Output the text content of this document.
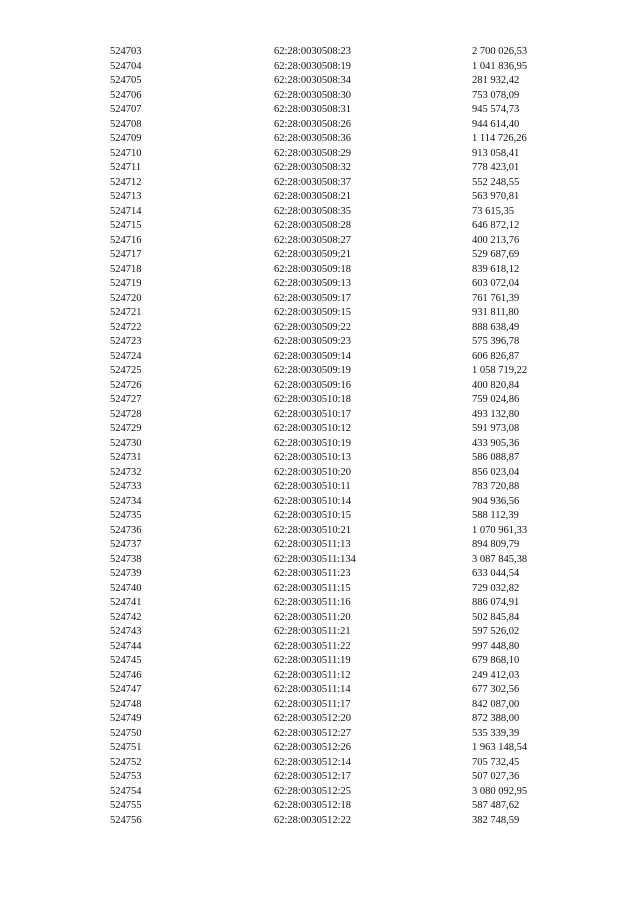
524703	62:28:0030508:23	2 700 026,53
524704	62:28:0030508:19	1 041 836,95
524705	62:28:0030508:34	281 932,42
524706	62:28:0030508:30	753 078,09
524707	62:28:0030508:31	945 574,73
524708	62:28:0030508:26	944 614,40
524709	62:28:0030508:36	1 114 726,26
524710	62:28:0030508:29	913 058,41
524711	62:28:0030508:32	778 423,01
524712	62:28:0030508:37	552 248,55
524713	62:28:0030508:21	563 970,81
524714	62:28:0030508:35	73 615,35
524715	62:28:0030508:28	646 872,12
524716	62:28:0030508:27	400 213,76
524717	62:28:0030509:21	529 687,69
524718	62:28:0030509:18	839 618,12
524719	62:28:0030509:13	603 072,04
524720	62:28:0030509:17	761 761,39
524721	62:28:0030509:15	931 811,80
524722	62:28:0030509:22	888 638,49
524723	62:28:0030509:23	575 396,78
524724	62:28:0030509:14	606 826,87
524725	62:28:0030509:19	1 058 719,22
524726	62:28:0030509:16	400 820,84
524727	62:28:0030510:18	759 024,86
524728	62:28:0030510:17	493 132,80
524729	62:28:0030510:12	591 973,08
524730	62:28:0030510:19	433 905,36
524731	62:28:0030510:13	586 088,87
524732	62:28:0030510:20	856 023,04
524733	62:28:0030510:11	783 720,88
524734	62:28:0030510:14	904 936,56
524735	62:28:0030510:15	588 112,39
524736	62:28:0030510:21	1 070 961,33
524737	62:28:0030511:13	894 809,79
524738	62:28:0030511:134	3 087 845,38
524739	62:28:0030511:23	633 044,54
524740	62:28:0030511:15	729 032,82
524741	62:28:0030511:16	886 074,91
524742	62:28:0030511:20	502 845,84
524743	62:28:0030511:21	597 526,02
524744	62:28:0030511:22	997 448,80
524745	62:28:0030511:19	679 868,10
524746	62:28:0030511:12	249 412,03
524747	62:28:0030511:14	677 302,56
524748	62:28:0030511:17	842 087,00
524749	62:28:0030512:20	872 388,00
524750	62:28:0030512:27	535 339,39
524751	62:28:0030512:26	1 963 148,54
524752	62:28:0030512:14	705 732,45
524753	62:28:0030512:17	507 027,36
524754	62:28:0030512:25	3 080 092,95
524755	62:28:0030512:18	587 487,62
524756	62:28:0030512:22	382 748,59
